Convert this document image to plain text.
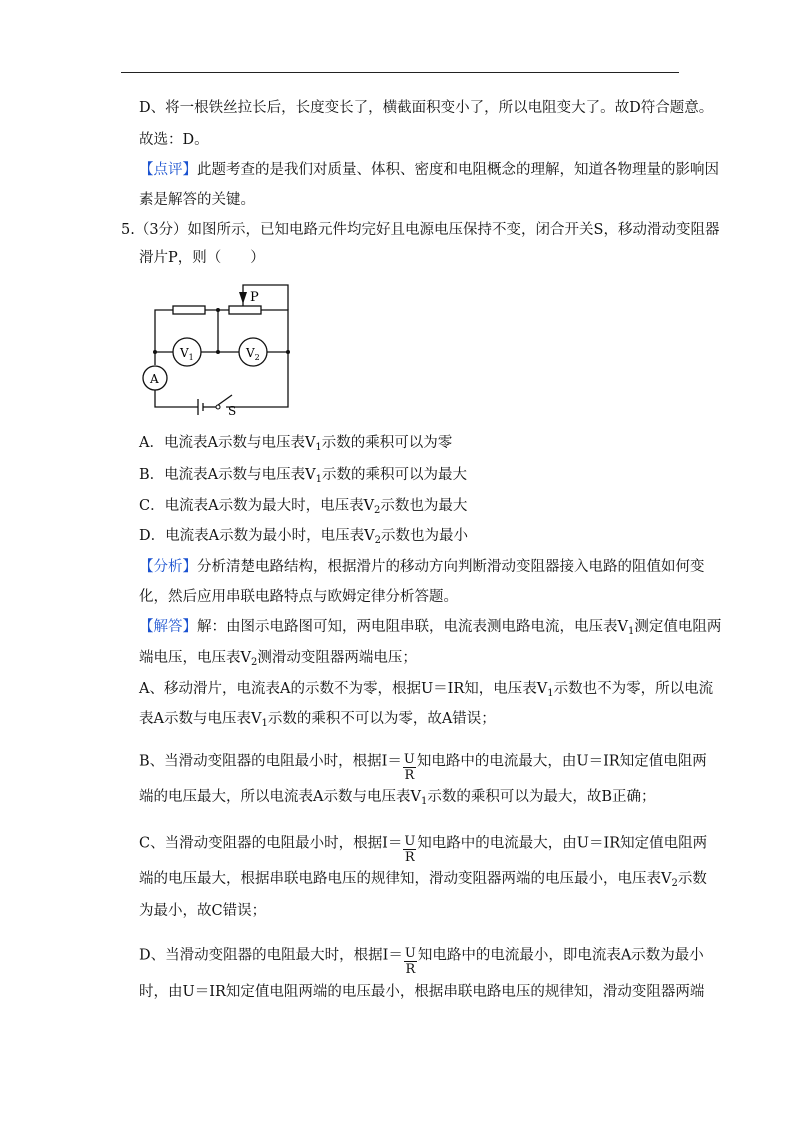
D、将一根铁丝拉长后，长度变长了，横截面积变小了，所以电阻变大了。故D符合题意。
故选：D。
【点评】此题考查的是我们对质量、体积、密度和电阻概念的理解，知道各物理量的影响因
素是解答的关键。
5.（3分）如图所示，已知电路元件均完好且电源电压保持不变，闭合开关S，移动滑动变阻器
滑片P，则（　　）
P
$V_1$	$V_2$
A
S
A．电流表A示数与电压表$V_1$示数的乘积可以为零
B．电流表A示数与电压表$V_1$示数的乘积可以为最大
C．电流表A示数为最大时，电压表$V_2$示数也为最大
D．电流表A示数为最小时，电压表$V_2$示数也为最小
【分析】分析清楚电路结构，根据滑片的移动方向判断滑动变阻器接入电路的阻值如何变
化，然后应用串联电路特点与欧姆定律分析答题。
【解答】解：由图示电路图可知，两电阻串联，电流表测电路电流，电压表$V_1$测定值电阻两
端电压，电压表$V_2$测滑动变阻器两端电压；
A、移动滑片，电流表A的示数不为零，根据U＝IR知，电压表$V_1$示数也不为零，所以电流
表A示数与电压表$V_1$示数的乘积不可以为零，故A错误；
B、当滑动变阻器的电阻最小时，根据$I= \frac{U}{R}$ 知电路中的电流最大，由U＝IR知定值电阻两
端的电压最大，所以电流表A示数与电压表$V_1$示数的乘积可以为最大，故B正确；
C、当滑动变阻器的电阻最小时，根据$I= \frac{U}{R}$ 知电路中的电流最大，由U＝IR知定值电阻两
端的电压最大，根据串联电路电压的规律知，滑动变阻器两端的电压最小，电压表$V_2$示数
为最小，故C错误；
D、当滑动变阻器的电阻最大时，根据$I= \frac{U}{R}$ 知电路中的电流最小，即电流表A示数为最小
时，由U＝IR知定值电阻两端的电压最小，根据串联电路电压的规律知，滑动变阻器两端
